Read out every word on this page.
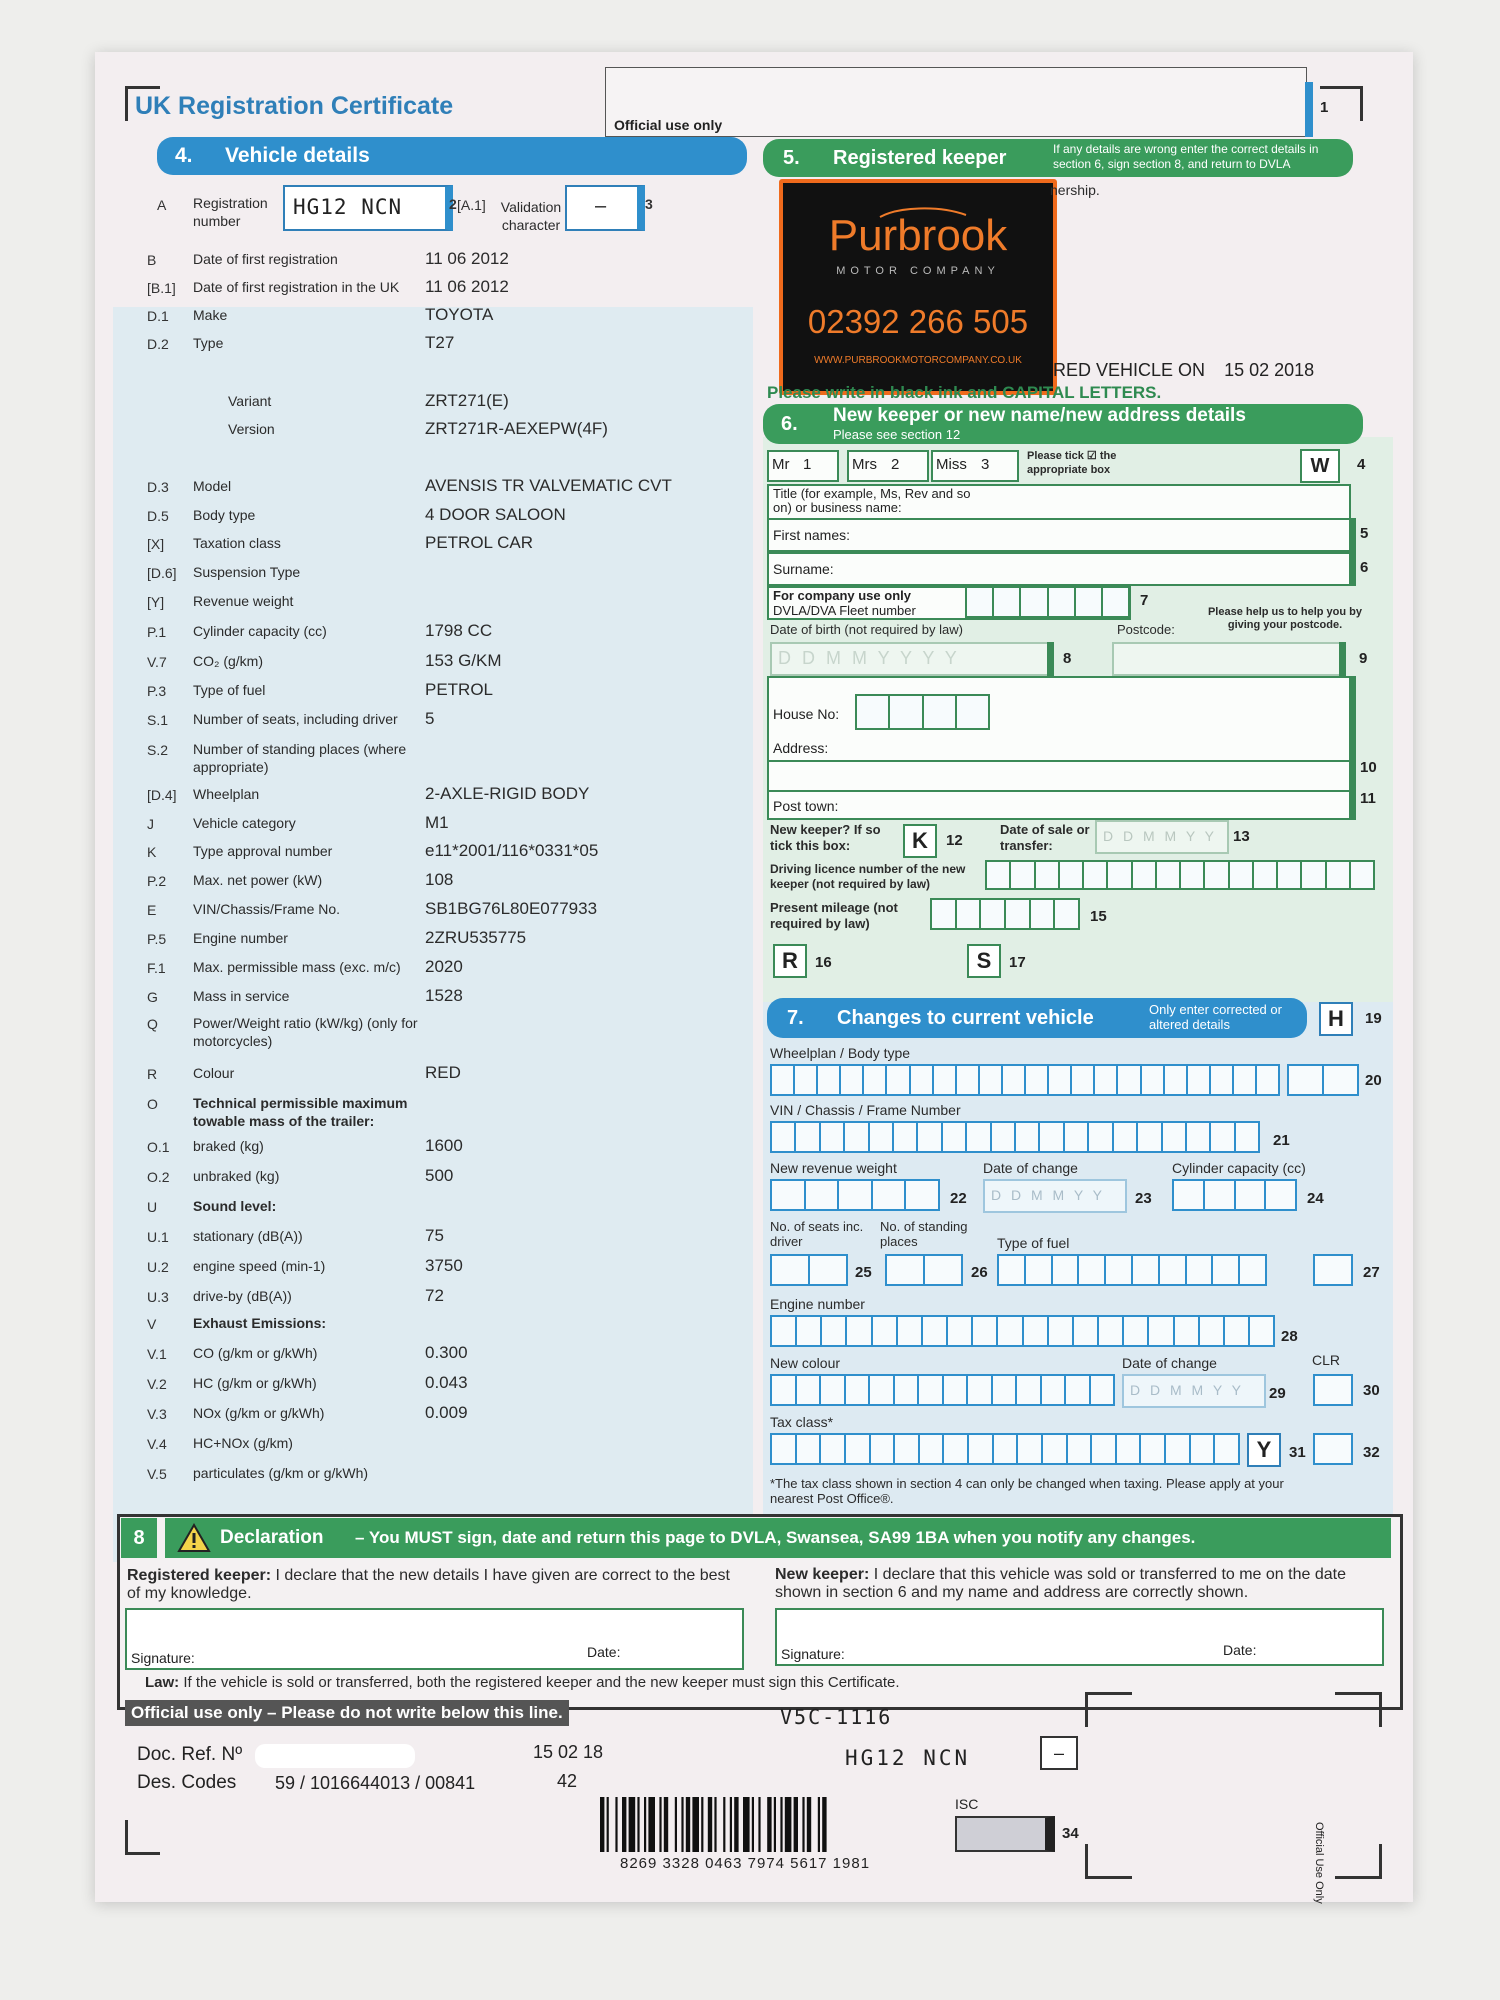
UK Registration Certificate
Official use only
1
4. Vehicle details
A Registration number
HG12 NCN	2 [A.1]	Validation character
–	3
B	Date of first registration	11 06 2012
[B.1] Date of first registration in the UK	11 06 2012
D.1 Make	TOYOTA
D.2 Type	T27
Variant	ZRT271(E)
Version	ZRT271R-AEXEPW(4F)
D.3 Model	AVENSIS TR VALVEMATIC CVT
D.5 Body type	4 DOOR SALOON
[X] Taxation class	PETROL CAR
[D.6] Suspension Type
[Y] Revenue weight
P.1 Cylinder capacity (cc)	1798 CC
V.7 CO₂ (g/km)	153 G/KM
P.3 Type of fuel	PETROL
S.1 Number of seats, including driver	5
S.2 Number of standing places (where appropriate)
[D.4] Wheelplan	2-AXLE-RIGID BODY
J	Vehicle category	M1
K	Type approval number	e11*2001/116*0331*05
P.2 Max. net power (kW)	108
E	VIN/Chassis/Frame No.	SB1BG76L80E077933
P.5 Engine number	2ZRU535775
F.1 Max. permissible mass (exc. m/c)	2020
G	Mass in service	1528
Q	Power/Weight ratio (kW/kg) (only for motorcycles)
R	Colour	RED
O	Technical permissible maximum towable mass of the trailer:
O.1 braked (kg)	1600
O.2 unbraked (kg)	500
U	Sound level:
U.1 stationary (dB(A))	75
U.2 engine speed (min-1)	3750
U.3 drive-by (dB(A))	72
V	Exhaust Emissions:
V.1 CO (g/km or g/kWh)	0.300
V.2 HC (g/km or g/kWh)	0.043
V.3 NOx (g/km or g/kWh)	0.009
V.4 HC+NOx (g/km)
V.5 particulates (g/km or g/kWh)
Purbrook
MOTOR COMPANY
02392 266 505
WWW.PURBROOKMOTORCOMPANY.CO.UK
5. Registered keeper	If any details are wrong enter the correct details in section 6, sign section 8, and return to DVLA
nership.
RED VEHICLE ON 15 02 2018
Please write in black ink and CAPITAL LETTERS.
6. New keeper or new name/new address details
Please see section 12
Mr 1	Mrs 2 Miss 3	Please tick ☑ the appropriate box	W	4
Title (for example, Ms, Rev and so on) or business name:
First names:	5
Surname:	6
For company use only
DVLA/DVA Fleet number
7
Date of birth (not required by law)	Postcode:
Please help us to help you by giving your postcode.
D D M M Y Y Y Y	8	9
House No:
Address:
Post town:
10
11
New keeper? If so tick this box:	K	12
Date of sale or transfer:
D D M M Y Y 13
Driving licence number of the new keeper (not required by law)
Present mileage (not required by law)	15
R	16	S	17
7. Changes to current vehicle	Only enter corrected or altered details	H	19
Wheelplan / Body type
20
VIN / Chassis / Frame Number
21
New revenue weight
22
Date of change
D D M M Y Y 23
Cylinder capacity (cc)
24
No. of seats inc. driver
25
No. of standing places
26
Type of fuel
27
Engine number
28
New colour	Date of change
D D M M Y Y 29
CLR
30
Tax class*
Y	31	32
*The tax class shown in section 4 can only be changed when taxing. Please apply at your nearest Post Office®.
8	Declaration – You MUST sign, date and return this page to DVLA, Swansea, SA99 1BA when you notify any changes.
Registered keeper: I declare that the new details I have given are correct to the best of my knowledge.
New keeper: I declare that this vehicle was sold or transferred to me on the date shown in section 6 and my name and address are correctly shown.
Signature:	Date:	Signature:	Date:
Law: If the vehicle is sold or transferred, both the registered keeper and the new keeper must sign this Certificate.
Official use only – Please do not write below this line.
Doc. Ref. Nº	15 02 18
Des. Codes 59 / 1016644013 / 00841	42
V5C-1116
HG12 NCN	–
8269 3328 0463 7974 5617 1981
ISC
34	Official Use Only
